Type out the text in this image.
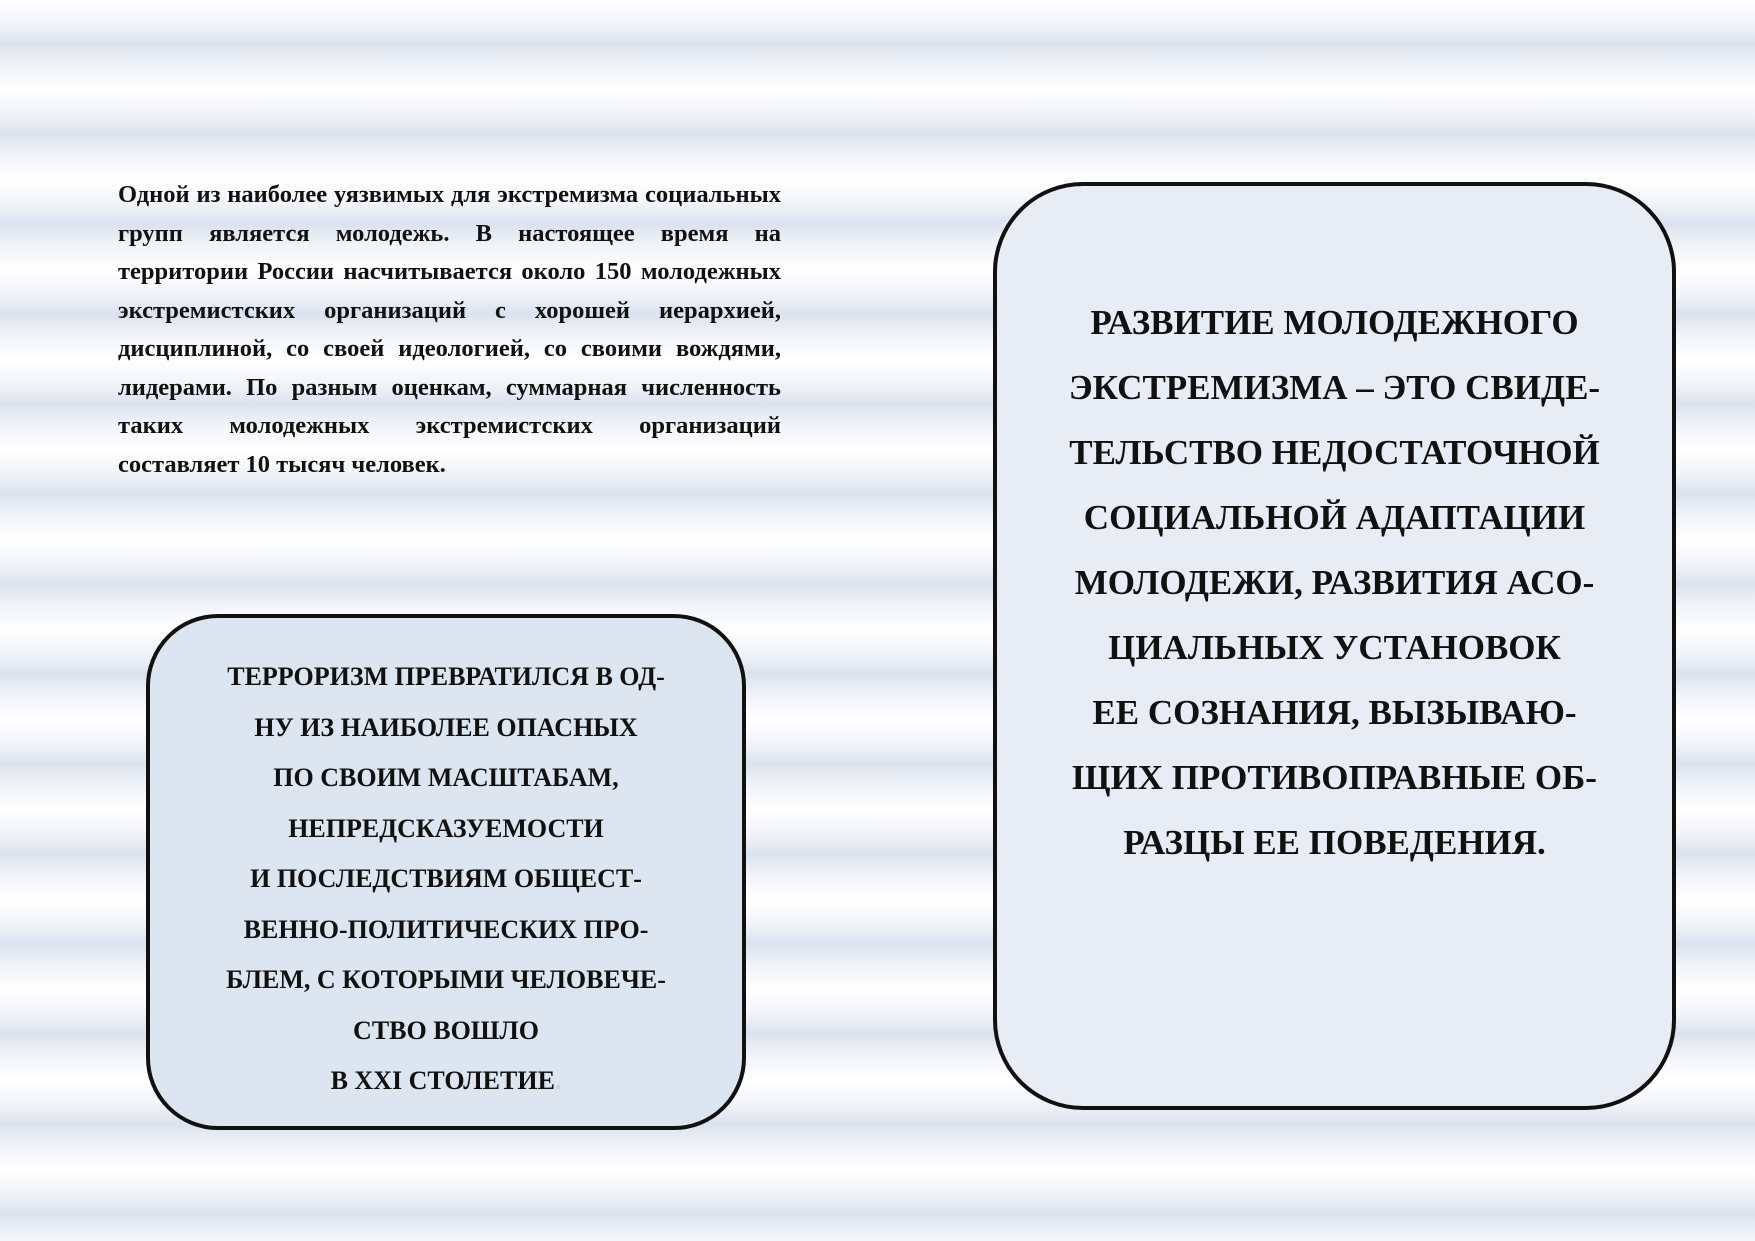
Одной из наиболее уязвимых для экстремизма социальных групп является молодежь. В настоящее время на территории России насчитывается около 150 молодежных экстремистских организаций с хорошей иерархией, дисциплиной, со своей идеологией, со своими вождями, лидерами. По разным оценкам, суммарная численность таких молодежных экстремистских организаций составляет 10 тысяч человек.

ТЕРРОРИЗМ ПРЕВРАТИЛСЯ В ОД-
НУ ИЗ НАИБОЛЕЕ ОПАСНЫХ
ПО СВОИМ МАСШТАБАМ,
НЕПРЕДСКАЗУЕМОСТИ
И ПОСЛЕДСТВИЯМ ОБЩЕСТ-
ВЕННО-ПОЛИТИЧЕСКИХ ПРО-
БЛЕМ, С КОТОРЫМИ ЧЕЛОВЕЧЕ-
СТВО ВОШЛО
В XXI СТОЛЕТИЕ.
РАЗВИТИЕ МОЛОДЕЖНОГО
ЭКСТРЕМИЗМА – ЭТО СВИДЕ-
ТЕЛЬСТВО НЕДОСТАТОЧНОЙ
СОЦИАЛЬНОЙ АДАПТАЦИИ
МОЛОДЕЖИ, РАЗВИТИЯ АСО-
ЦИАЛЬНЫХ УСТАНОВОК
ЕЕ СОЗНАНИЯ, ВЫЗЫВАЮ-
ЩИХ ПРОТИВОПРАВНЫЕ ОБ-
РАЗЦЫ ЕЕ ПОВЕДЕНИЯ.
